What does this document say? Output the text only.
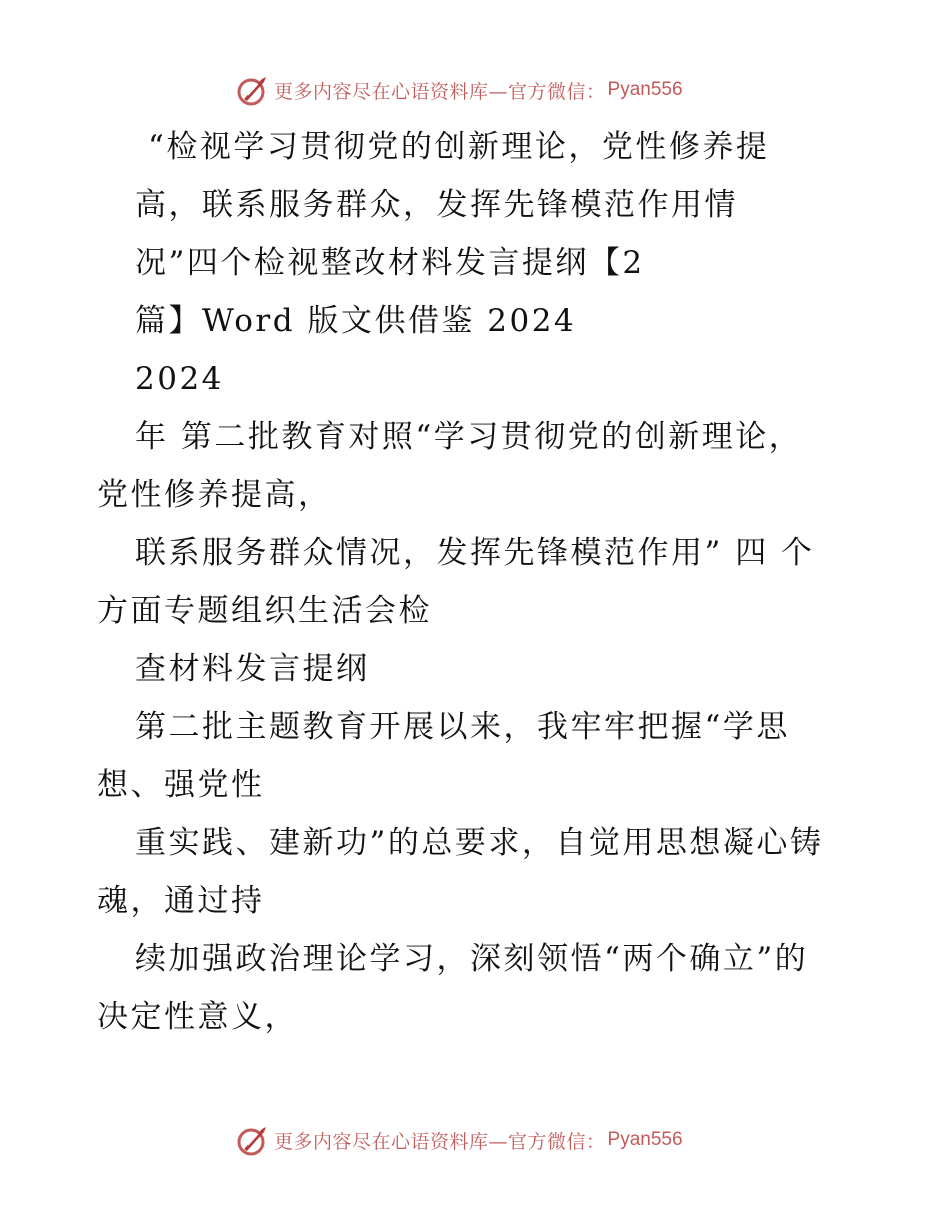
更多内容尽在心语资料库—官方微信： Pyan556
“检视学习贯彻党的创新理论，党性修养提
高，联系服务群众，发挥先锋模范作用情
况”四个检视整改材料发言提纲【2
篇】Word 版文供借鉴 2024
2024
年 第二批教育对照“学习贯彻党的创新理论，
党性修养提高，
联系服务群众情况，发挥先锋模范作用” 四 个
方面专题组织生活会检
查材料发言提纲
第二批主题教育开展以来，我牢牢把握“学思
想、强党性
重实践、建新功”的总要求，自觉用思想凝心铸
魂，通过持
续加强政治理论学习，深刻领悟“两个确立”的
决定性意义，
更多内容尽在心语资料库—官方微信： Pyan556
